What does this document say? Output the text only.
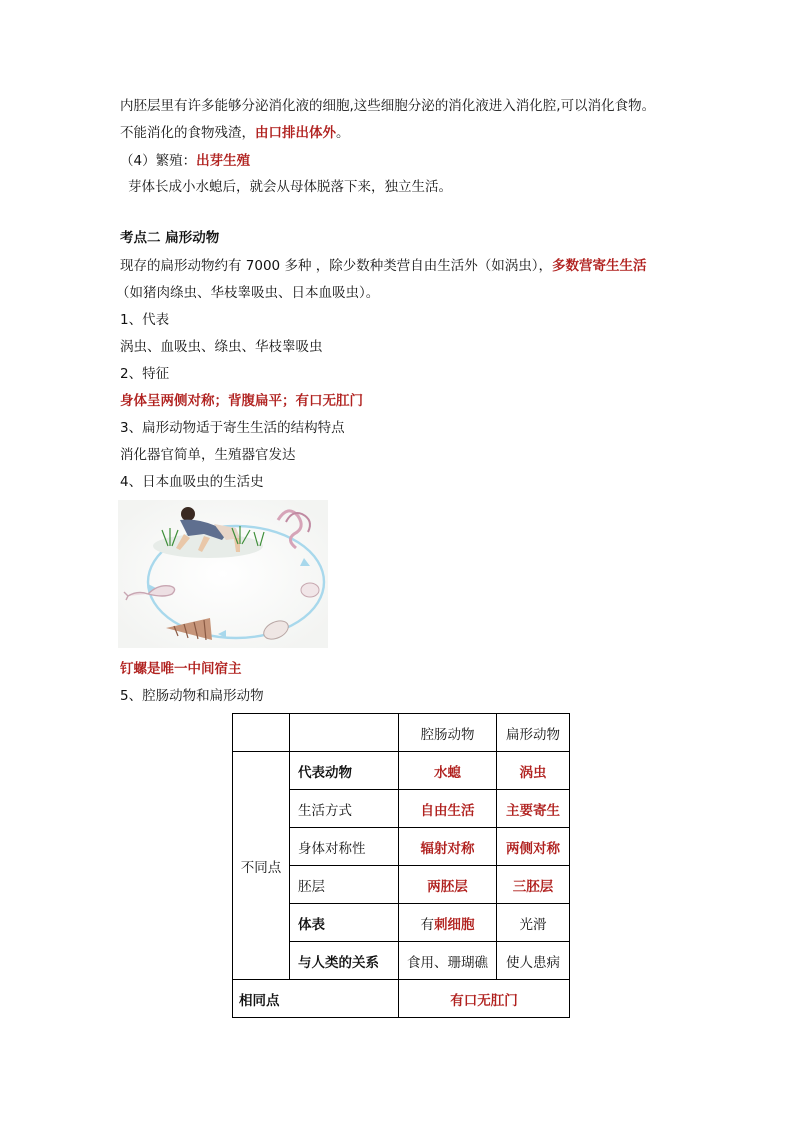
内胚层里有许多能够分泌消化液的细胞,这些细胞分泌的消化液进入消化腔,可以消化食物。
不能消化的食物残渣，由口排出体外。
（4）繁殖：出芽生殖
芽体长成小水螅后，就会从母体脱落下来，独立生活。
考点二 扁形动物
现存的扁形动物约有 7000 多种 ，除少数种类营自由生活外（如涡虫），多数营寄生生活
（如猪肉绦虫、华枝睾吸虫、日本血吸虫）。
1、代表
涡虫、血吸虫、绦虫、华枝睾吸虫
2、特征
身体呈两侧对称；背腹扁平；有口无肛门
3、扁形动物适于寄生生活的结构特点
消化器官简单，生殖器官发达
4、日本血吸虫的生活史
钉螺是唯一中间宿主
5、腔肠动物和扁形动物
		腔肠动物	扁形动物
不同点	代表动物	水螅	涡虫
	生活方式	自由生活	主要寄生
	身体对称性	辐射对称	两侧对称
	胚层	两胚层	三胚层
	体表	有刺细胞	光滑
	与人类的关系	食用、珊瑚礁	使人患病
相同点		有口无肛门	
